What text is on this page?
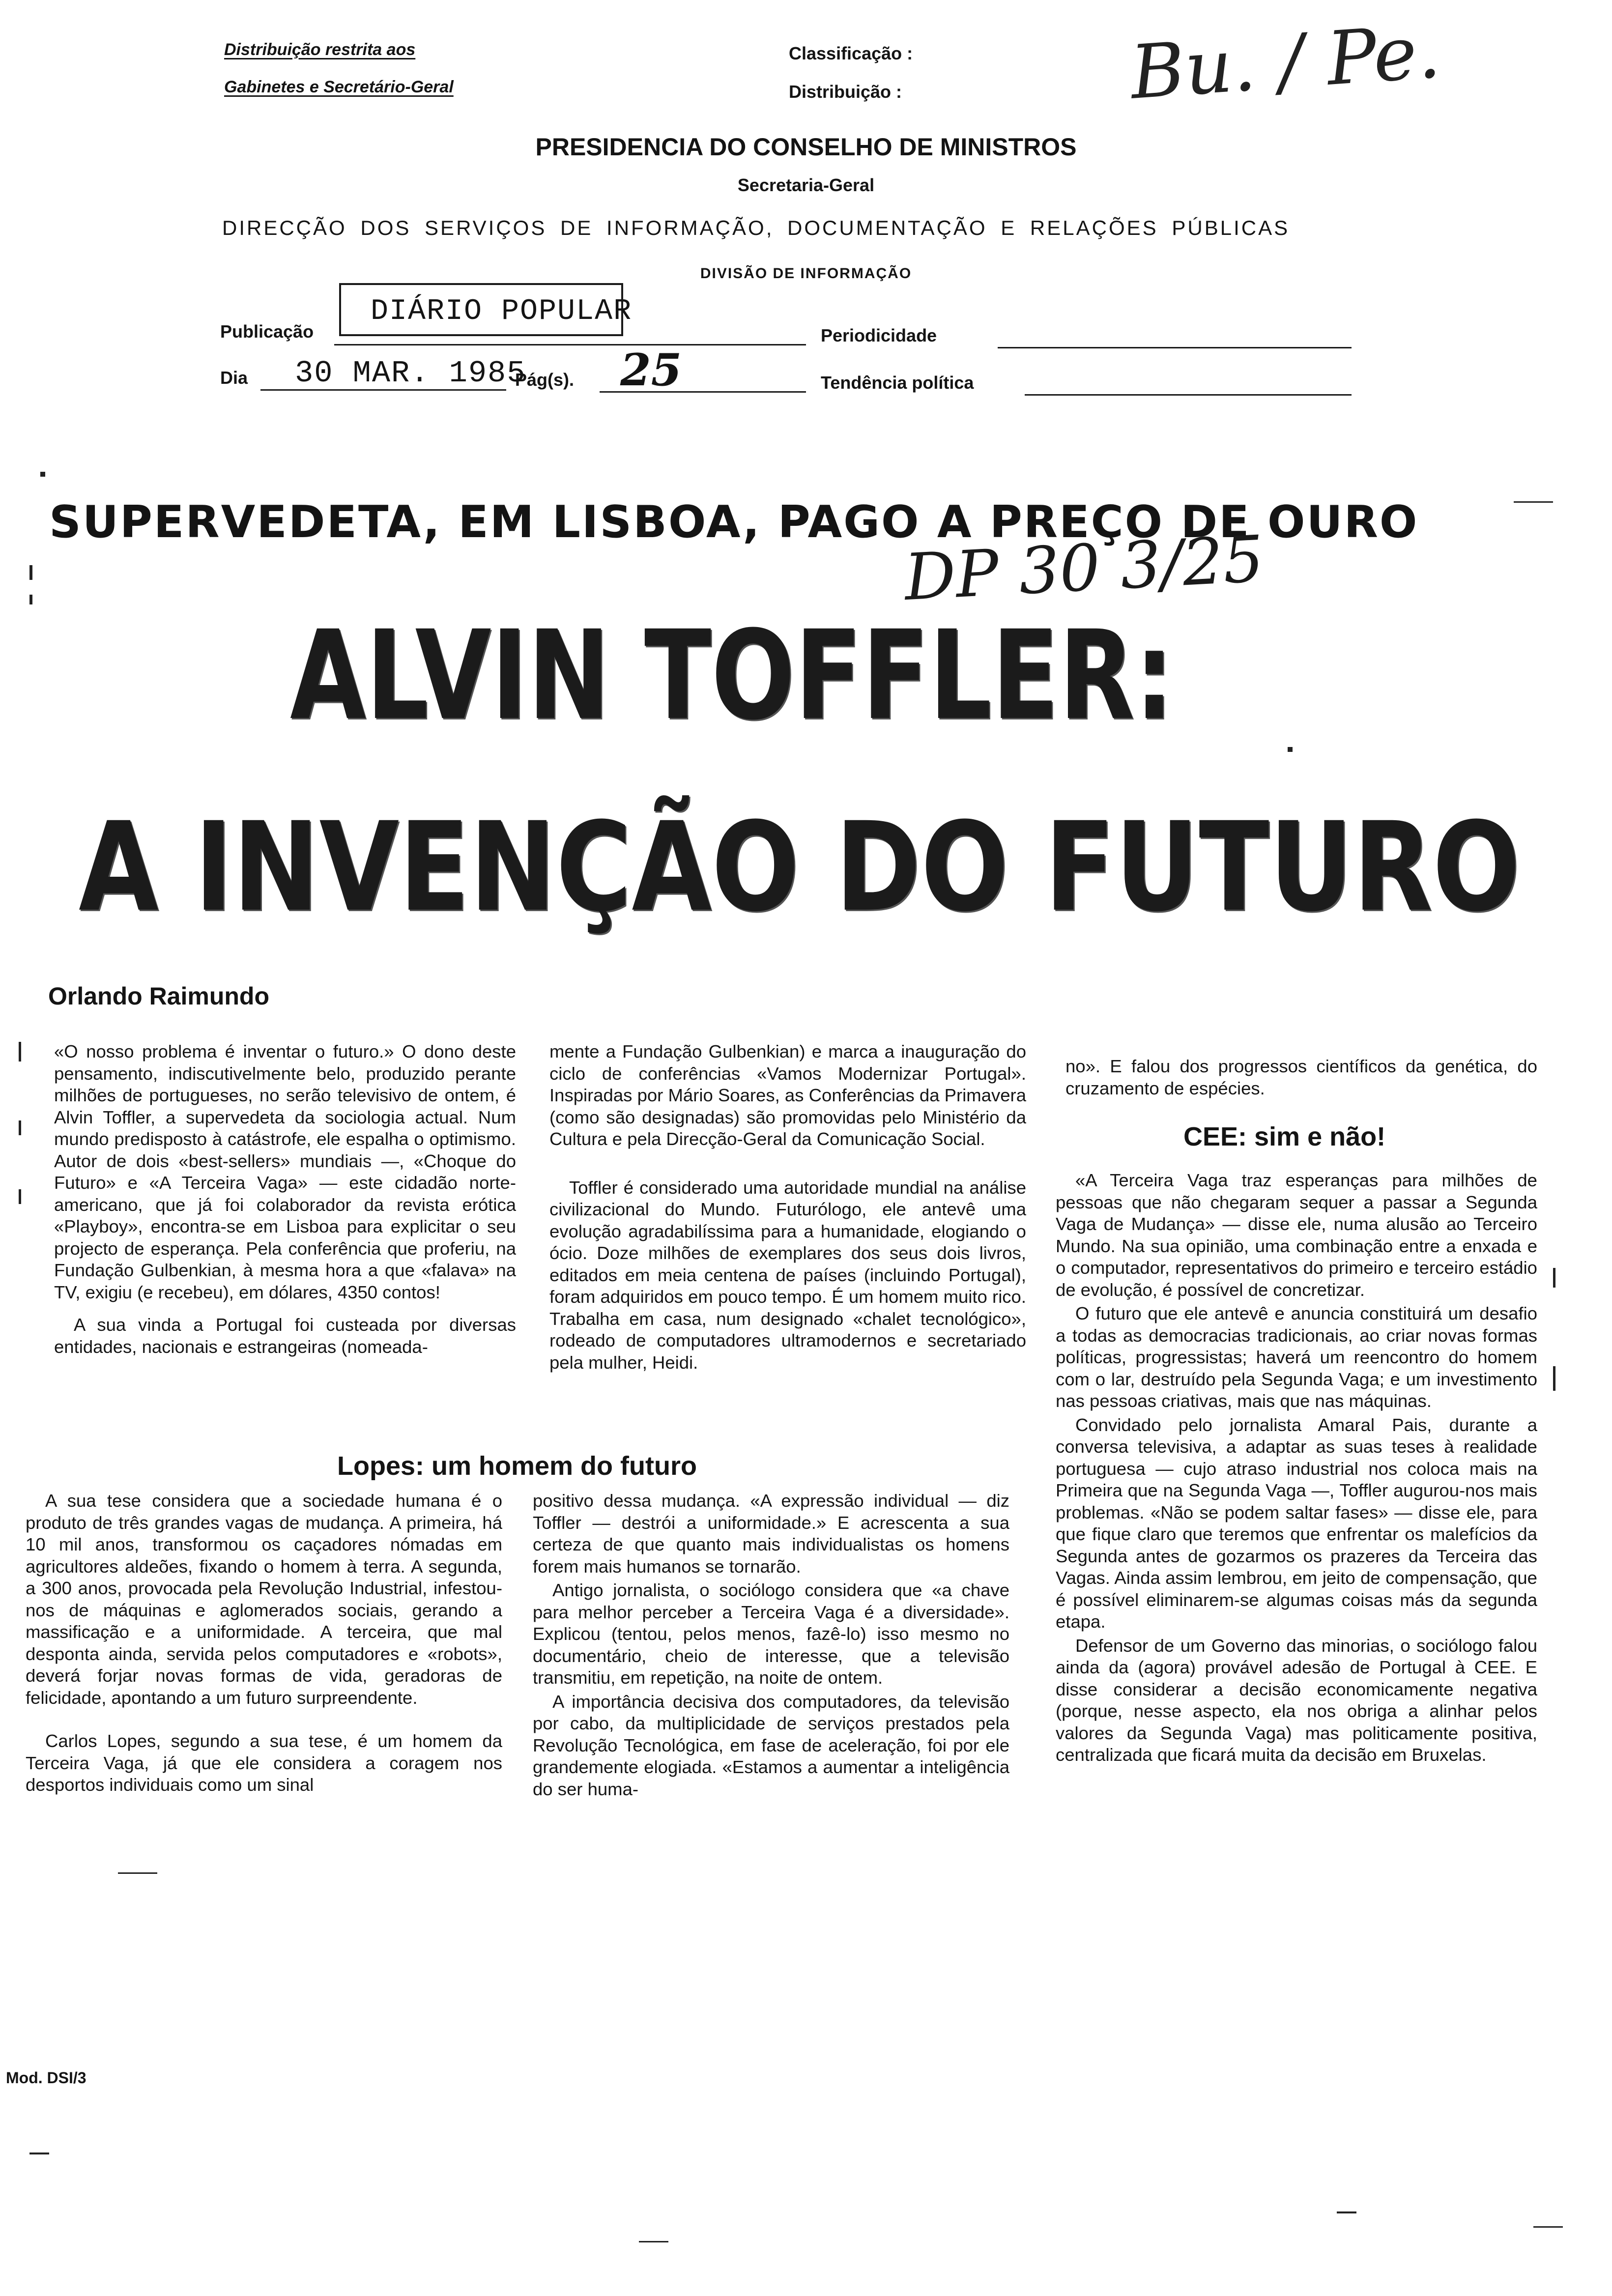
Distribuição restrita aos
Gabinetes e Secretário-Geral
Classificação :
Distribuição :	Bu. / Pe.
PRESIDENCIA DO CONSELHO DE MINISTROS
Secretaria-Geral
DIRECÇÃO DOS SERVIÇOS DE INFORMAÇÃO, DOCUMENTAÇÃO E RELAÇÕES PÚBLICAS
DIVISÃO DE INFORMAÇÃO
Publicação
DIÁRIO POPULAR
Periodicidade
Dia 30 MAR. 1985
Pág(s). 25	Tendência política
SUPERVEDETA, EM LISBOA, PAGO A PREÇO DE OURO
DP 30 3/25
ALVIN TOFFLER:
A INVENÇÃO DO FUTURO
Orlando Raimundo

«O nosso problema é inventar o futuro.» O dono deste pensamento, indiscutivelmente belo, produzido perante milhões de portugueses, no serão televisivo de ontem, é Alvin Toffler, a supervedeta da sociologia actual. Num mundo predisposto à catástrofe, ele espalha o optimismo. Autor de dois «best-sellers» mundiais —, «Choque do Futuro» e «A Terceira Vaga» — este cidadão norte-americano, que já foi colaborador da revista erótica «Playboy», encontra-se em Lisboa para explicitar o seu projecto de esperança. Pela conferência que proferiu, na Fundação Gulbenkian, à mesma hora a que «falava» na TV, exigiu (e recebeu), em dólares, 4350 contos!

A sua vinda a Portugal foi custeada por diversas entidades, nacionais e estrangeiras (nomeada-

mente a Fundação Gulbenkian) e marca a inauguração do ciclo de conferências «Vamos Modernizar Portugal». Inspiradas por Mário Soares, as Conferências da Primavera (como são designadas) são promovidas pelo Ministério da Cultura e pela Direcção-Geral da Comunicação Social.

Toffler é considerado uma autoridade mundial na análise civilizacional do Mundo. Futurólogo, ele antevê uma evolução agradabilíssima para a humanidade, elogiando o ócio. Doze milhões de exemplares dos seus dois livros, editados em meia centena de países (incluindo Portugal), foram adquiridos em pouco tempo. É um homem muito rico. Trabalha em casa, num designado «chalet tecnológico», rodeado de computadores ultramodernos e secretariado pela mulher, Heidi.

no». E falou dos progressos científicos da genética, do cruzamento de espécies.

CEE: sim e não!

«A Terceira Vaga traz esperanças para milhões de pessoas que não chegaram sequer a passar a Segunda Vaga de Mudança» — disse ele, numa alusão ao Terceiro Mundo. Na sua opinião, uma combinação entre a enxada e o computador, representativos do primeiro e terceiro estádio de evolução, é possível de concretizar.

O futuro que ele antevê e anuncia constituirá um desafio a todas as democracias tradicionais, ao criar novas formas políticas, progressistas; haverá um reencontro do homem com o lar, destruído pela Segunda Vaga; e um investimento nas pessoas criativas, mais que nas máquinas.

Convidado pelo jornalista Amaral Pais, durante a conversa televisiva, a adaptar as suas teses à realidade portuguesa — cujo atraso industrial nos coloca mais na Primeira que na Segunda Vaga —, Toffler augurou-nos mais problemas. «Não se podem saltar fases» — disse ele, para que fique claro que teremos que enfrentar os malefícios da Segunda antes de gozarmos os prazeres da Terceira das Vagas. Ainda assim lembrou, em jeito de compensação, que é possível eliminarem-se algumas coisas más da segunda etapa.

Defensor de um Governo das minorias, o sociólogo falou ainda da (agora) provável adesão de Portugal à CEE. E disse considerar a decisão economicamente negativa (porque, nesse aspecto, ela nos obriga a alinhar pelos valores da Segunda Vaga) mas politicamente positiva, centralizada que ficará muita da decisão em Bruxelas.

Lopes: um homem do futuro

A sua tese considera que a sociedade humana é o produto de três grandes vagas de mudança. A primeira, há 10 mil anos, transformou os caçadores nómadas em agricultores aldeões, fixando o homem à terra. A segunda, a 300 anos, provocada pela Revolução Industrial, infestou-nos de máquinas e aglomerados sociais, gerando a massificação e a uniformidade. A terceira, que mal desponta ainda, servida pelos computadores e «robots», deverá forjar novas formas de vida, geradoras de felicidade, apontando a um futuro surpreendente.

Carlos Lopes, segundo a sua tese, é um homem da Terceira Vaga, já que ele considera a coragem nos desportos individuais como um sinal

positivo dessa mudança. «A expressão individual — diz Toffler — destrói a uniformidade.» E acrescenta a sua certeza de que quanto mais individualistas os homens forem mais humanos se tornarão.

Antigo jornalista, o sociólogo considera que «a chave para melhor perceber a Terceira Vaga é a diversidade». Explicou (tentou, pelos menos, fazê-lo) isso mesmo no documentário, cheio de interesse, que a televisão transmitiu, em repetição, na noite de ontem.

A importância decisiva dos computadores, da televisão por cabo, da multiplicidade de serviços prestados pela Revolução Tecnológica, em fase de aceleração, foi por ele grandemente elogiada. «Estamos a aumentar a inteligência do ser huma-

Mod. DSI/3
